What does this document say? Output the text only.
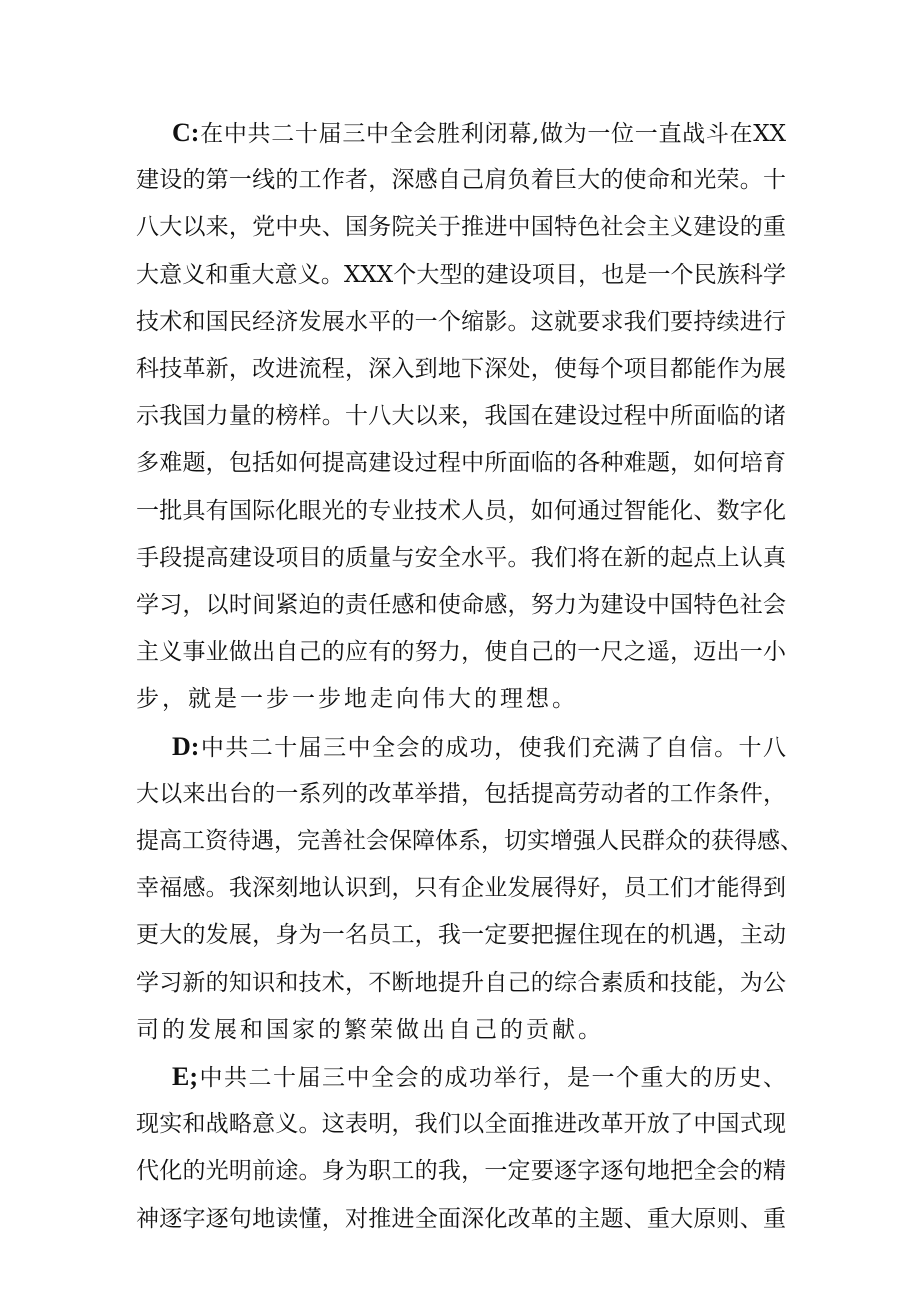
C:在中共二十届三中全会胜利闭幕,做为一位一直战斗在XX
建设的第一线的工作者，深感自己肩负着巨大的使命和光荣。十
八大以来，党中央、国务院关于推进中国特色社会主义建设的重
大意义和重大意义。XXX个大型的建设项目，也是一个民族科学
技术和国民经济发展水平的一个缩影。这就要求我们要持续进行
科技革新，改进流程，深入到地下深处，使每个项目都能作为展
示我国力量的榜样。十八大以来，我国在建设过程中所面临的诸
多难题，包括如何提高建设过程中所面临的各种难题，如何培育
一批具有国际化眼光的专业技术人员，如何通过智能化、数字化
手段提高建设项目的质量与安全水平。我们将在新的起点上认真
学习，以时间紧迫的责任感和使命感，努力为建设中国特色社会
主义事业做出自己的应有的努力，使自己的一尺之遥，迈出一小
步，就是一步一步地走向伟大的理想。
D:中共二十届三中全会的成功，使我们充满了自信。十八
大以来出台的一系列的改革举措，包括提高劳动者的工作条件，
提高工资待遇，完善社会保障体系，切实增强人民群众的获得感、
幸福感。我深刻地认识到，只有企业发展得好，员工们才能得到
更大的发展，身为一名员工，我一定要把握住现在的机遇，主动
学习新的知识和技术，不断地提升自己的综合素质和技能，为公
司的发展和国家的繁荣做出自己的贡献。
E;中共二十届三中全会的成功举行，是一个重大的历史、
现实和战略意义。这表明，我们以全面推进改革开放了中国式现
代化的光明前途。身为职工的我，一定要逐字逐句地把全会的精
神逐字逐句地读懂，对推进全面深化改革的主题、重大原则、重
